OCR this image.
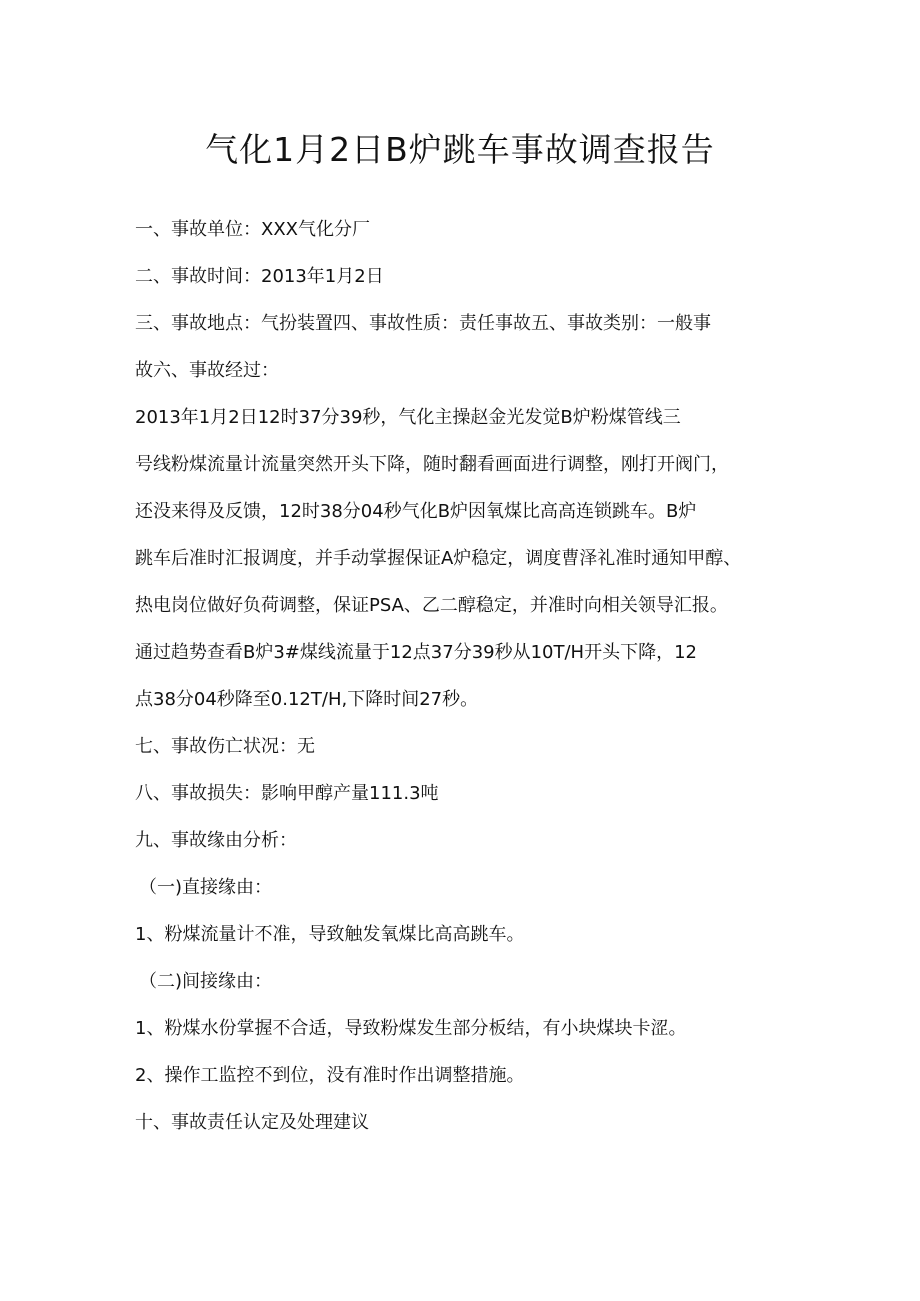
气化1月2日B炉跳车事故调查报告
一、事故单位：XXX气化分厂
二、事故时间：2013年1月2日
三、事故地点：气扮装置四、事故性质：责任事故五、事故类别：一般事
故六、事故经过：
2013年1月2日12时37分39秒，气化主操赵金光发觉B炉粉煤管线三
号线粉煤流量计流量突然开头下降，随时翻看画面进行调整，刚打开阀门，
还没来得及反馈，12时38分04秒气化B炉因氧煤比高高连锁跳车。B炉
跳车后准时汇报调度，并手动掌握保证A炉稳定，调度曹泽礼准时通知甲醇、
热电岗位做好负荷调整，保证PSA、乙二醇稳定，并准时向相关领导汇报。
通过趋势查看B炉3#煤线流量于12点37分39秒从10T/H开头下降，12
点38分04秒降至0.12T/H,下降时间27秒。
七、事故伤亡状况：无
八、事故损失：影响甲醇产量111.3吨
九、事故缘由分析：
（一)直接缘由：
1、粉煤流量计不准，导致触发氧煤比高高跳车。
（二)间接缘由：
1、粉煤水份掌握不合适，导致粉煤发生部分板结，有小块煤块卡涩。
2、操作工监控不到位，没有准时作出调整措施。
十、事故责任认定及处理建议
